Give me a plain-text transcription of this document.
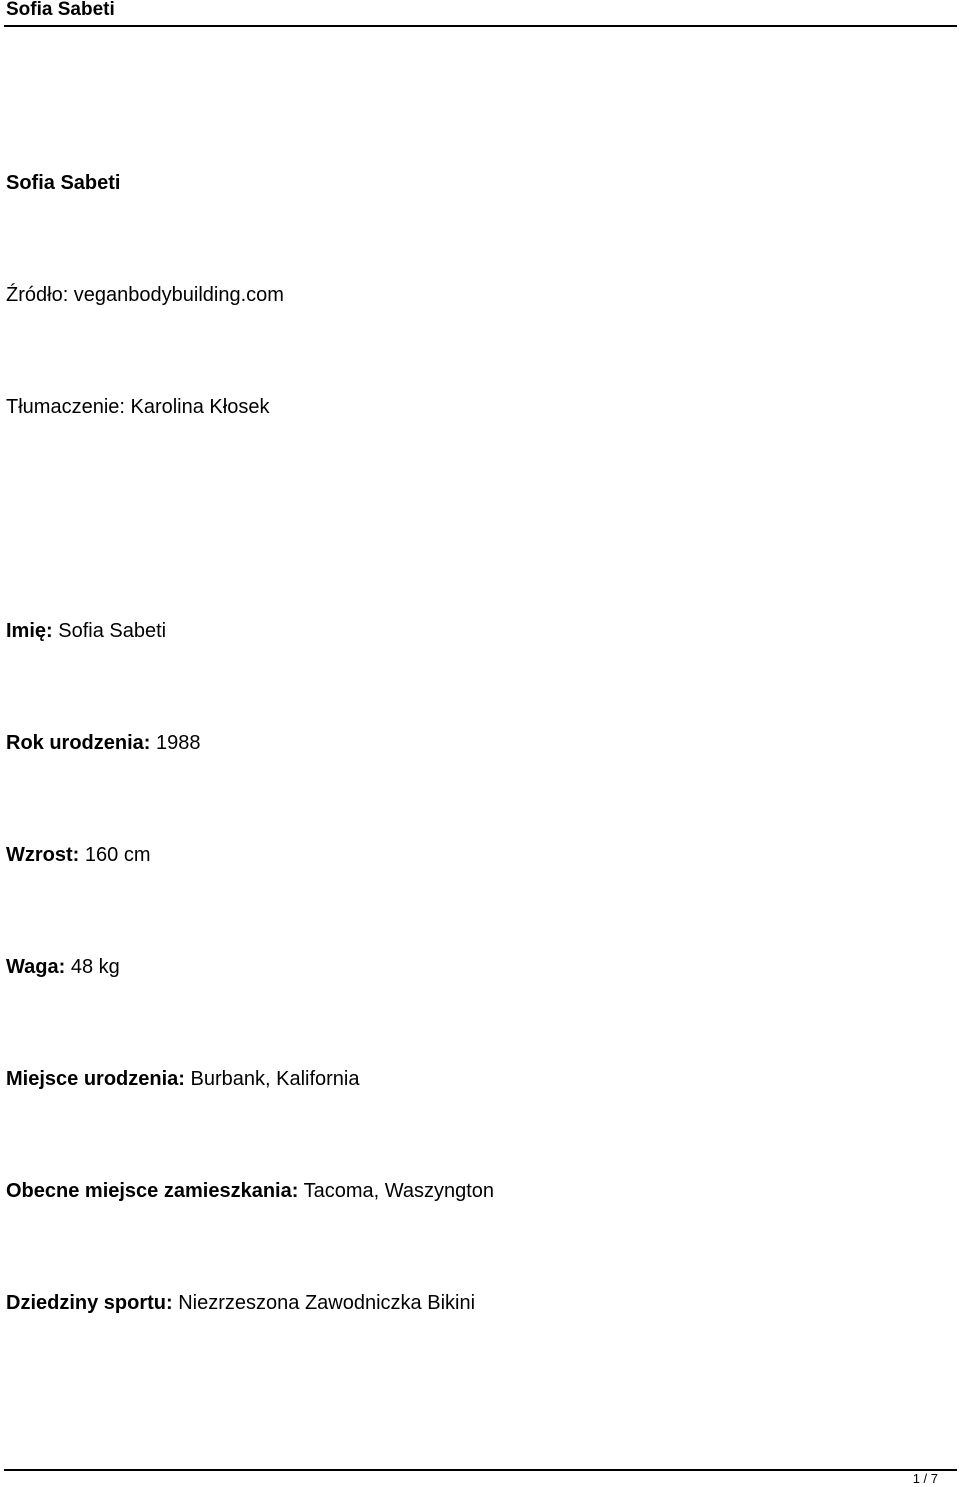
Sofia Sabeti
Sofia Sabeti
Źródło: veganbodybuilding.com
Tłumaczenie: Karolina Kłosek
Imię: Sofia Sabeti
Rok urodzenia: 1988
Wzrost: 160 cm
Waga: 48 kg
Miejsce urodzenia: Burbank, Kalifornia
Obecne miejsce zamieszkania: Tacoma, Waszyngton
Dziedziny sportu: Niezrzeszona Zawodniczka Bikini
1 / 7
